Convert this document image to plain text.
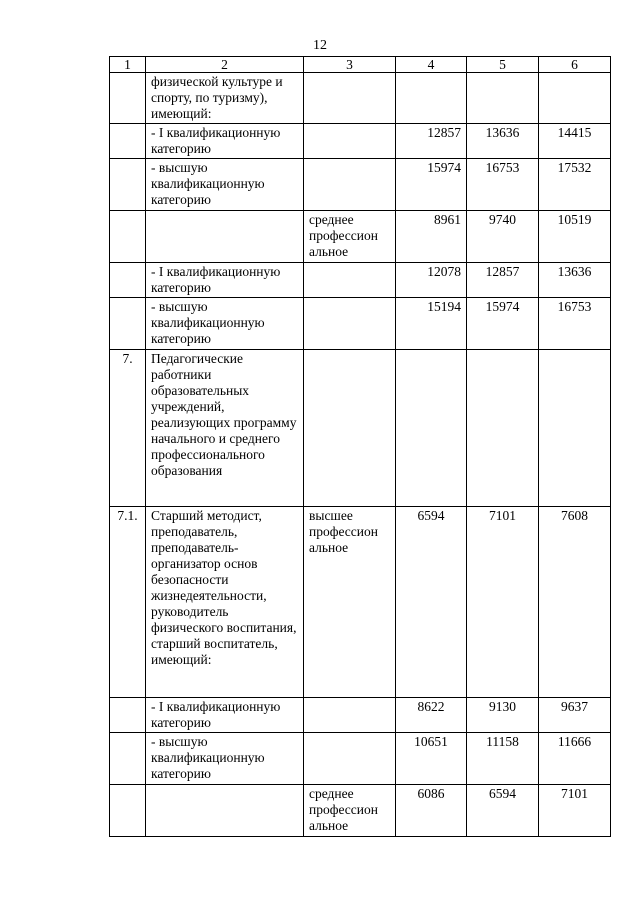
12
1	2	3	4	5	6
	физической культуре и спорту, по туризму), имеющий:				
	- I квалификационную категорию		12857	13636	14415
	- высшую квалификационную категорию		15974	16753	17532
		среднее профессион альное	8961	9740	10519
	- I квалификационную категорию		12078	12857	13636
	- высшую квалификационную категорию		15194	15974	16753
7.	Педагогические работники образовательных учреждений, реализующих программу начального и среднего профессионального образования				
7.1.	Старший методист, преподаватель, преподаватель-организатор основ безопасности жизнедеятельности, руководитель физического воспитания, старший воспитатель, имеющий:	высшее профессион альное	6594	7101	7608
	- I квалификационную категорию		8622	9130	9637
	- высшую квалификационную категорию		10651	11158	11666
		среднее профессион альное	6086	6594	7101
